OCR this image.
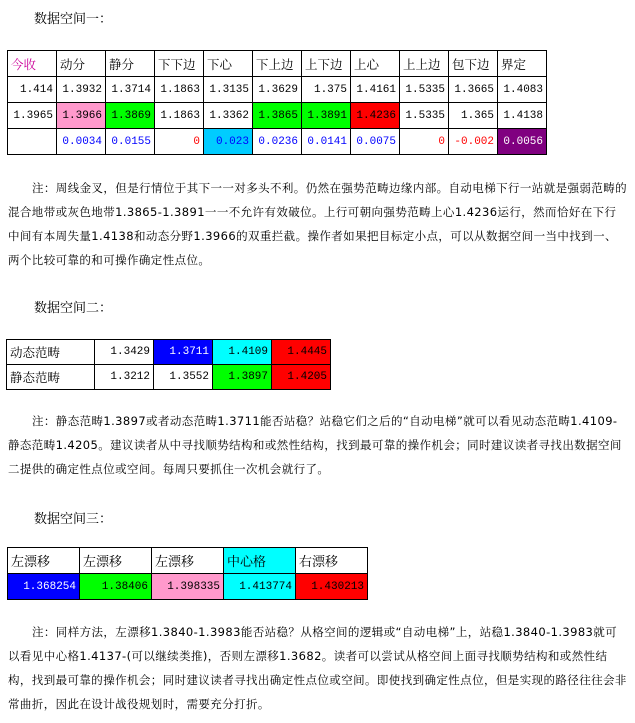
数据空间一：
今收	动分	静分	下下边	下心	下上边	上下边	上心	上上边	包下边	界定
1.414	1.3932	1.3714	1.1863	1.3135	1.3629	1.375	1.4161	1.5335	1.3665	1.4083
1.3965	1.3966	1.3869	1.1863	1.3362	1.3865	1.3891	1.4236	1.5335	1.365	1.4138
	0.0034	0.0155	0	0.023	0.0236	0.0141	0.0075	0	-0.002	0.0056
注：周线金叉，但是行情位于其下一一对多头不利。仍然在强势范畴边缘内部。自动电梯下行一站就是强弱范畴的混合地带或灰色地带1.3865-1.3891一一不允许有效破位。上行可朝向强势范畴上心1.4236运行，然而恰好在下行中间有本周失量1.4138和动态分野1.3966的双重拦截。操作者如果把目标定小点，可以从数据空间一当中找到一、两个比较可靠的和可操作确定性点位。
数据空间二：
动态范畴	1.3429	1.3711	1.4109	1.4445
静态范畴	1.3212	1.3552	1.3897	1.4205
注：静态范畴1.3897或者动态范畴1.3711能否站稳？站稳它们之后的“自动电梯”就可以看见动态范畴1.4109-静态范畴1.4205。建议读者从中寻找顺势结构和或然性结构，找到最可靠的操作机会；同时建议读者寻找出数据空间二提供的确定性点位或空间。每周只要抓住一次机会就行了。
数据空间三：
左漂移	左漂移	左漂移	中心格	右漂移
1.368254	1.38406	1.398335	1.413774	1.430213
注：同样方法，左漂移1.3840-1.3983能否站稳？从格空间的逻辑或“自动电梯”上，站稳1.3840-1.3983就可以看见中心格1.4137-(可以继续类推)，否则左漂移1.3682。读者可以尝试从格空间上面寻找顺势结构和或然性结构，找到最可靠的操作机会；同时建议读者寻找出确定性点位或空间。即使找到确定性点位，但是实现的路径往往会非常曲折，因此在设计战役规划时，需要充分打折。
